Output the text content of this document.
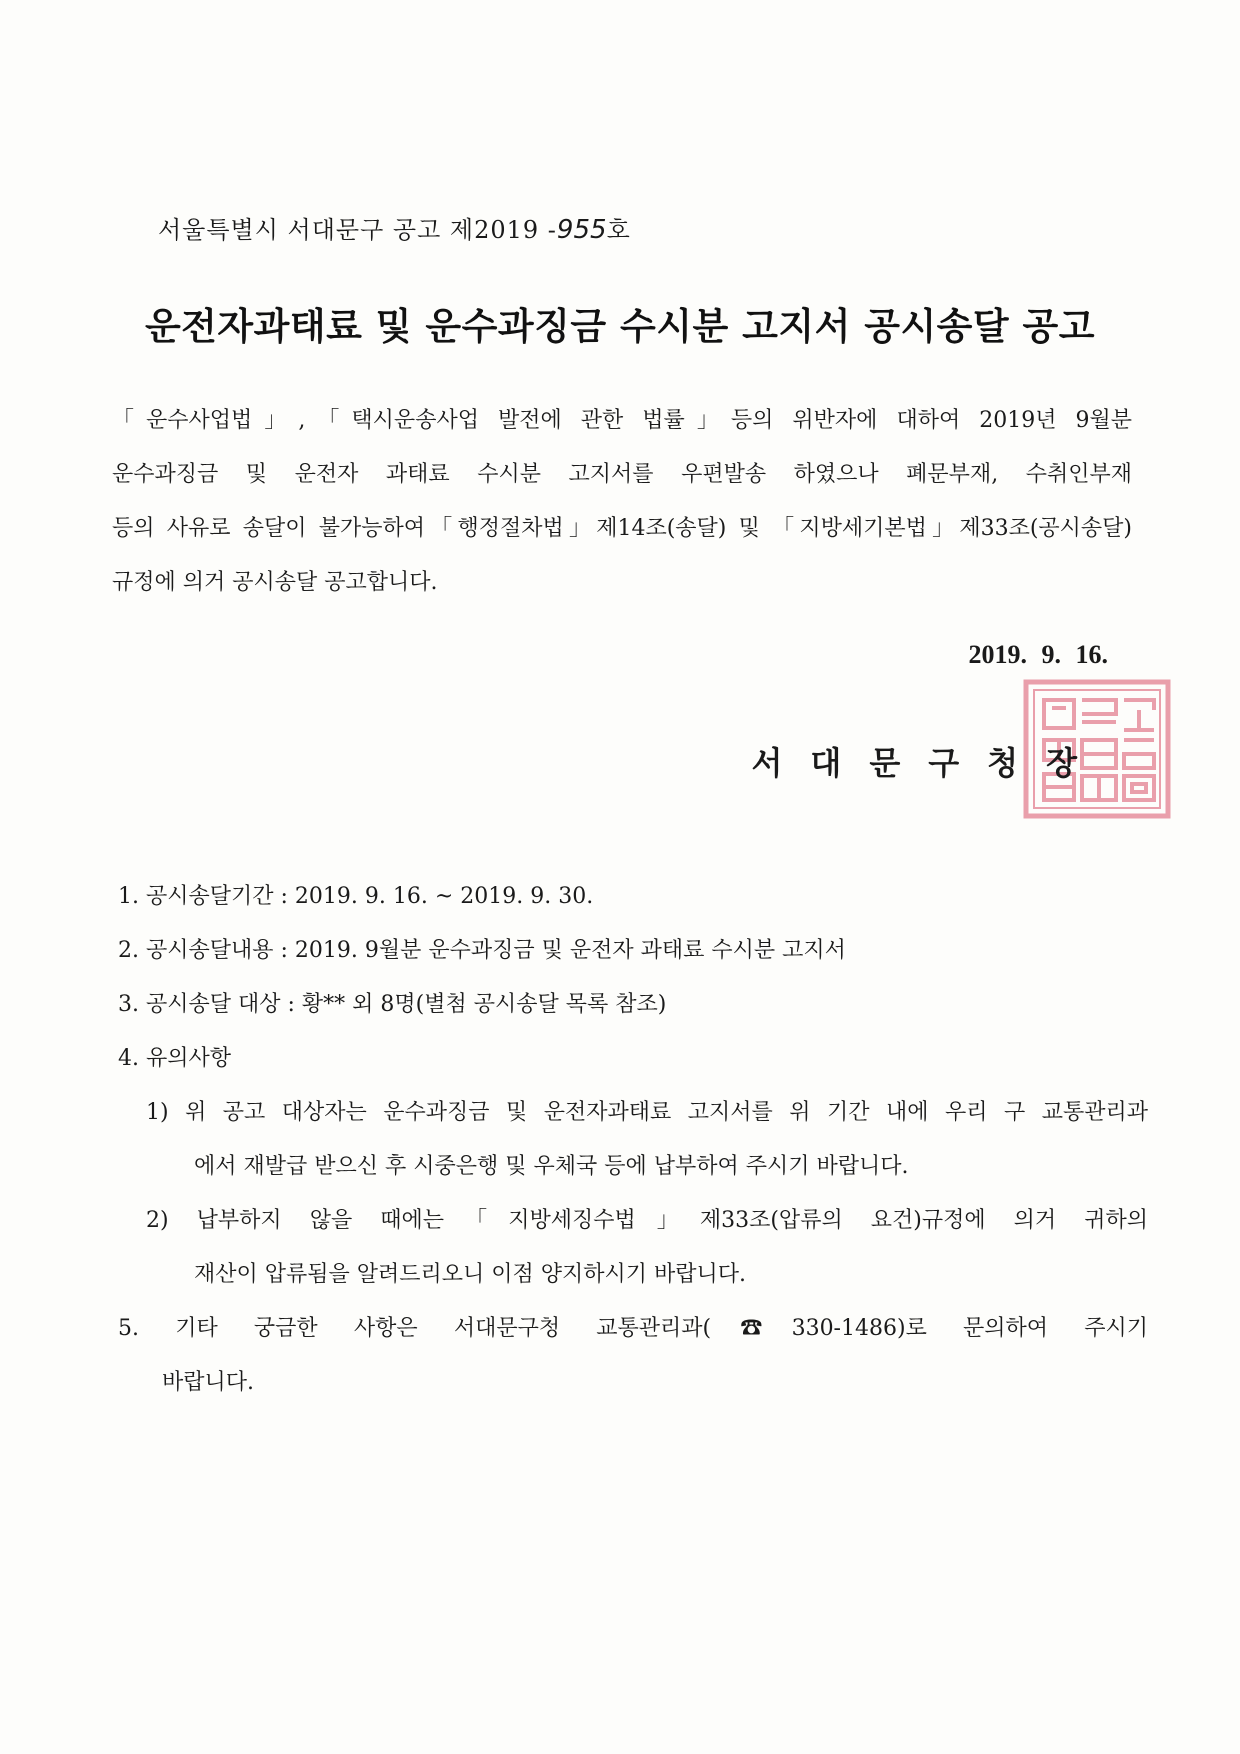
서울특별시 서대문구 공고 제2019 -955호
운전자과태료 및 운수과징금 수시분 고지서 공시송달 공고
「운수사업법」,「택시운송사업 발전에 관한 법률」등의 위반자에 대하여 2019년 9월분
운수과징금 및 운전자 과태료 수시분 고지서를 우편발송 하였으나 폐문부재, 수취인부재
등의 사유로 송달이 불가능하여「행정절차법」제14조(송달) 및 「지방세기본법」제33조(공시송달)
규정에 의거 공시송달 공고합니다.
2019. 9. 16.
서대문구청장
1. 공시송달기간 : 2019. 9. 16. ~ 2019. 9. 30.
2. 공시송달내용 : 2019. 9월분 운수과징금 및 운전자 과태료 수시분 고지서
3. 공시송달 대상 : 황** 외 8명(별첨 공시송달 목록 참조)
4. 유의사항
1) 위 공고 대상자는 운수과징금 및 운전자과태료 고지서를 위 기간 내에 우리 구 교통관리과
에서 재발급 받으신 후 시중은행 및 우체국 등에 납부하여 주시기 바랍니다.
2) 납부하지 않을 때에는「지방세징수법」제33조(압류의 요건)규정에 의거 귀하의
재산이 압류됨을 알려드리오니 이점 양지하시기 바랍니다.
5. 기타 궁금한 사항은 서대문구청 교통관리과(☎330-1486)로 문의하여 주시기
바랍니다.
